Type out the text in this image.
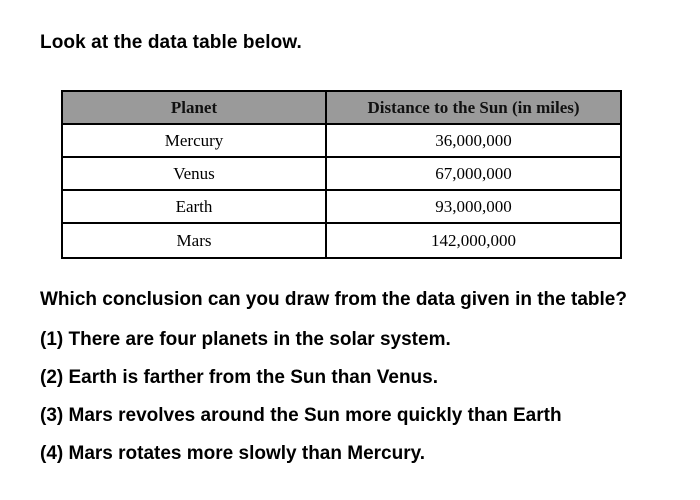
Look at the data table below.
Planet	Distance to the Sun (in miles)
Mercury	36,000,000
Venus	67,000,000
Earth	93,000,000
Mars	142,000,000
Which conclusion can you draw from the data given in the table?
(1) There are four planets in the solar system.
(2) Earth is farther from the Sun than Venus.
(3) Mars revolves around the Sun more quickly than Earth
(4) Mars rotates more slowly than Mercury.
